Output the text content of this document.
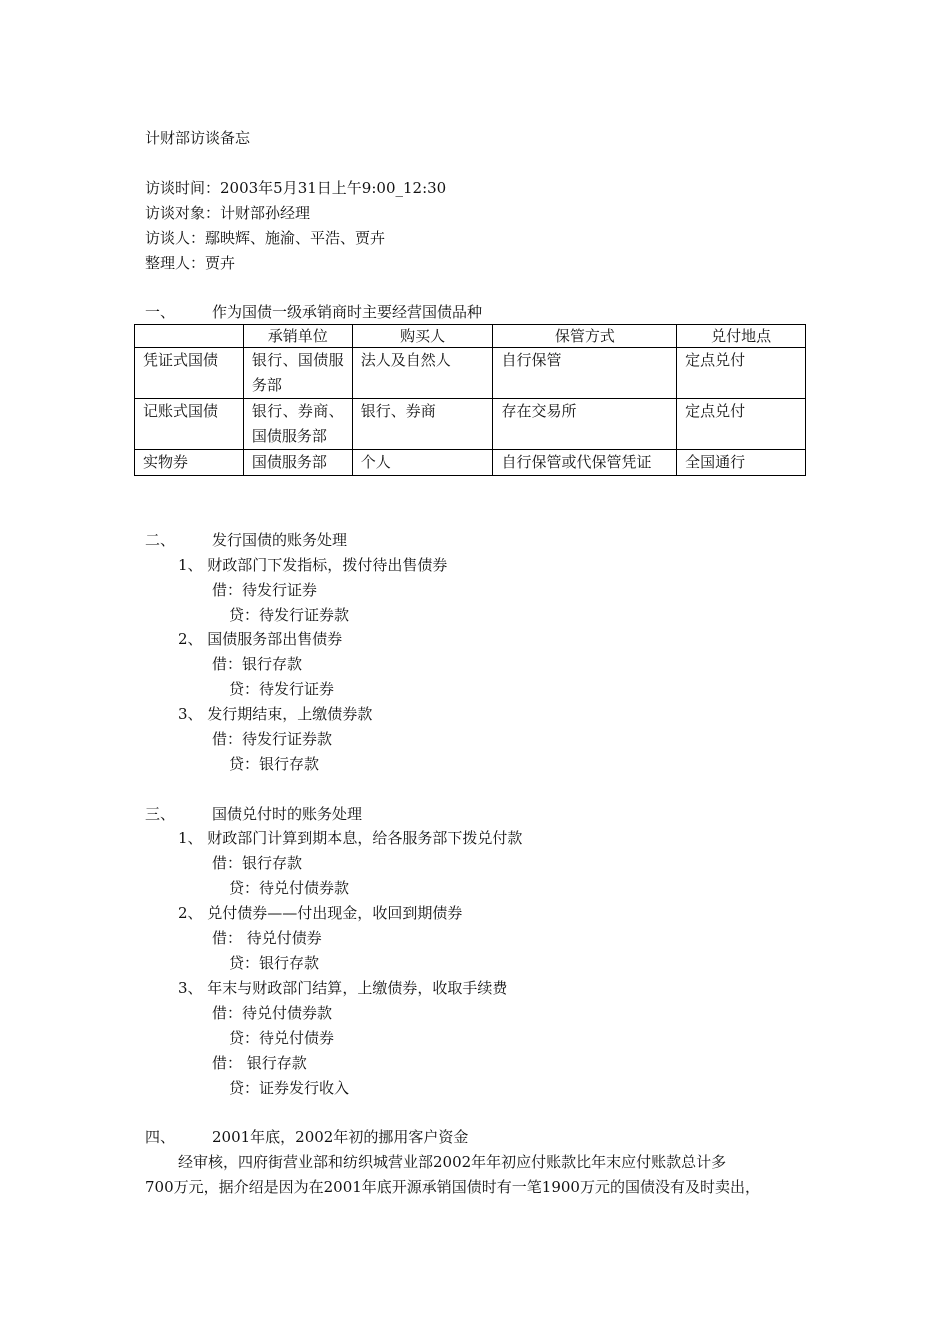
计财部访谈备忘
访谈时间：2003年5月31日上午9:00_12:30
访谈对象：计财部孙经理
访谈人：鄢映辉、施渝、平浩、贾卉
整理人：贾卉
一、 作为国债一级承销商时主要经营国债品种
	承销单位	购买人	保管方式	兑付地点
凭证式国债	银行、国债服务部	法人及自然人	自行保管	定点兑付
记账式国债	银行、券商、国债服务部	银行、券商	存在交易所	定点兑付
实物券	国债服务部	个人	自行保管或代保管凭证	全国通行
二、 发行国债的账务处理
1、 财政部门下发指标，拨付待出售债券
借：待发行证券
贷：待发行证券款
2、 国债服务部出售债券
借：银行存款
贷：待发行证券
3、 发行期结束，上缴债券款
借：待发行证券款
贷：银行存款
三、 国债兑付时的账务处理
1、 财政部门计算到期本息，给各服务部下拨兑付款
借：银行存款
贷：待兑付债券款
2、 兑付债券——付出现金，收回到期债券
借： 待兑付债券
贷：银行存款
3、 年末与财政部门结算，上缴债券，收取手续费
借：待兑付债券款
贷：待兑付债券
借： 银行存款
贷：证券发行收入
四、 2001年底，2002年初的挪用客户资金
经审核，四府街营业部和纺织城营业部2002年年初应付账款比年末应付账款总计多
700万元，据介绍是因为在2001年底开源承销国债时有一笔1900万元的国债没有及时卖出，
